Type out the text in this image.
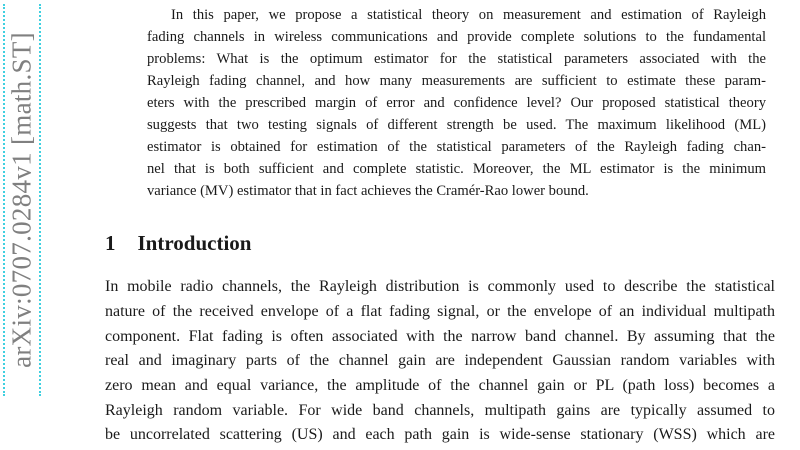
arXiv:0707.0284v1 [math.ST]
In this paper, we propose a statistical theory on measurement and estimation of Rayleigh
fading channels in wireless communications and provide complete solutions to the fundamental
problems: What is the optimum estimator for the statistical parameters associated with the
Rayleigh fading channel, and how many measurements are sufficient to estimate these param-
eters with the prescribed margin of error and confidence level? Our proposed statistical theory
suggests that two testing signals of different strength be used. The maximum likelihood (ML)
estimator is obtained for estimation of the statistical parameters of the Rayleigh fading chan-
nel that is both sufficient and complete statistic. Moreover, the ML estimator is the minimum
variance (MV) estimator that in fact achieves the Cramér-Rao lower bound.
1 Introduction
In mobile radio channels, the Rayleigh distribution is commonly used to describe the statistical
nature of the received envelope of a flat fading signal, or the envelope of an individual multipath
component. Flat fading is often associated with the narrow band channel. By assuming that the
real and imaginary parts of the channel gain are independent Gaussian random variables with
zero mean and equal variance, the amplitude of the channel gain or PL (path loss) becomes a
Rayleigh random variable. For wide band channels, multipath gains are typically assumed to
be uncorrelated scattering (US) and each path gain is wide-sense stationary (WSS) which are
